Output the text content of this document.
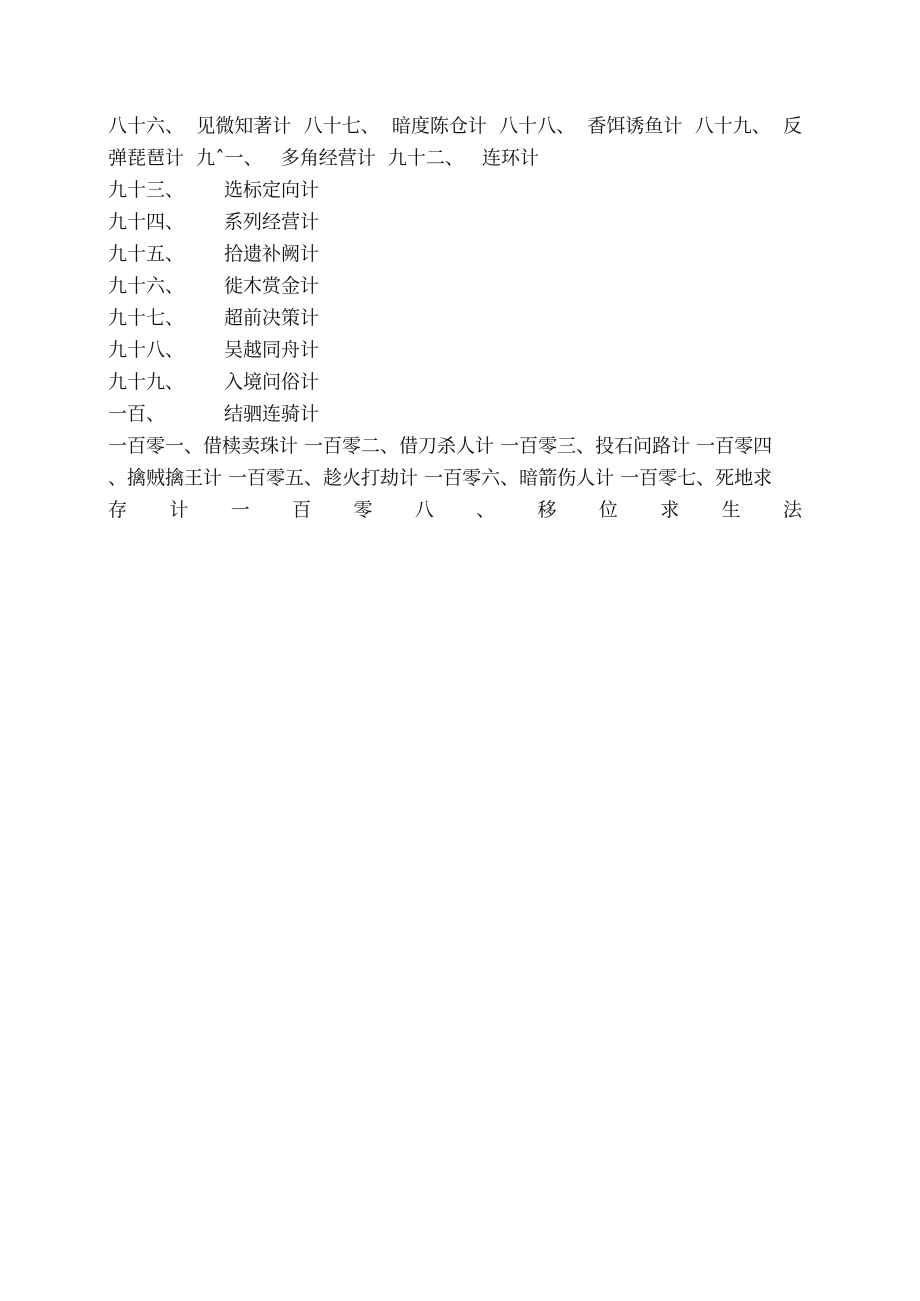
八十六、 见微知著计 八十七、 暗度陈仓计 八十八、 香饵诱鱼计 八十九、 反
弹琵琶计 九ˆ一、 多角经营计 九十二、 连环计
九十三、	选标定向计
九十四、	系列经营计
九十五、	拾遗补阙计
九十六、	徙木赏金计
九十七、	超前决策计
九十八、	吴越同舟计
九十九、	入境问俗计
一百、	结驷连骑计
一百零一、借椟卖珠计 一百零二、借刀杀人计 一百零三、投石问路计 一百零四
、擒贼擒王计 一百零五、趁火打劫计 一百零六、暗箭伤人计 一百零七、死地求
存 计 一 百 零 八 、 移 位 求 生 法
